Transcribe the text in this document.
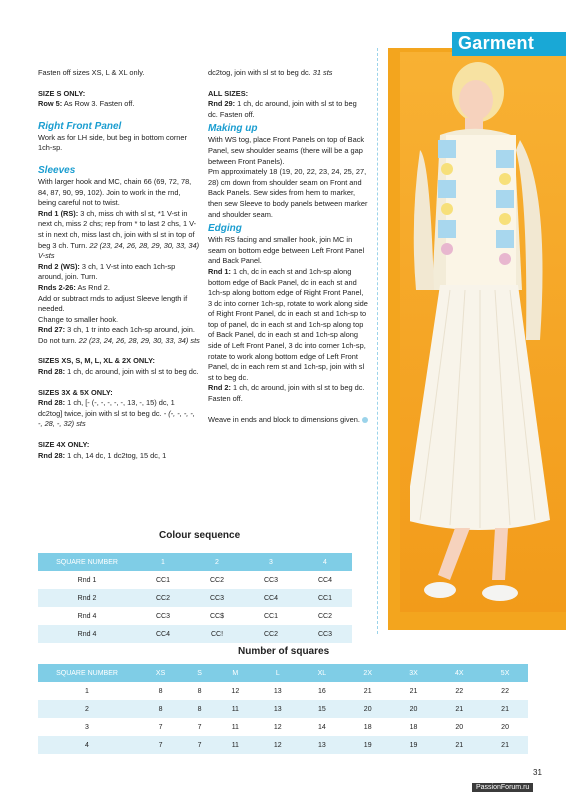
Garment

Fasten off sizes XS, L & XL only.

SIZE S ONLY:

Row 5: As Row 3. Fasten off.

Right Front Panel

Work as for LH side, but beg in bottom corner 1ch-sp.

Sleeves
With larger hook and MC, chain 66 (69, 72, 78, 84, 87, 90, 99, 102). Join to work in the rnd, being careful not to twist.
Rnd 1 (RS): 3 ch, miss ch with sl st, *1 V-st in next ch, miss 2 chs; rep from * to last 2 chs, 1 V-st in next ch, miss last ch, join with sl st in top of beg 3 ch. Turn. 22 (23, 24, 26, 28, 29, 30, 33, 34) V-sts
Rnd 2 (WS): 3 ch, 1 V-st into each 1ch-sp around, join. Turn.
Rnds 2-26: As Rnd 2.
Add or subtract rnds to adjust Sleeve length if needed.
Change to smaller hook.

Rnd 27: 3 ch, 1 tr into each 1ch-sp around, join. Do not turn. 22 (23, 24, 26, 28, 29, 30, 33, 34) sts

SIZES XS, S, M, L, XL & 2X ONLY:

Rnd 28: 1 ch, dc around, join with sl st to beg dc.

SIZES 3X & 5X ONLY:

Rnd 28: 1 ch, [- (-, -, -, -, -, 13, -, 15) dc, 1 dc2tog] twice, join with sl st to beg dc. - (-, -, -, -, -, 28, -, 32) sts

SIZE 4X ONLY:
Rnd 28: 1 ch, 14 dc, 1 dc2tog, 15 dc, 1

dc2tog, join with sl st to beg dc. 31 sts

ALL SIZES:
Rnd 29: 1 ch, dc around, join with sl st to beg dc. Fasten off.
Making up
With WS tog, place Front Panels on top of Back Panel, sew shoulder seams (there will be a gap between Front Panels).
Pm approximately 18 (19, 20, 22, 23, 24, 25, 27, 28) cm down from shoulder seam on Front and Back Panels. Sew sides from hem to marker, then sew Sleeve to body panels between marker and shoulder seam.
Edging
With RS facing and smaller hook, join MC in seam on bottom edge between Left Front Panel and Back Panel.
Rnd 1: 1 ch, dc in each st and 1ch-sp along bottom edge of Back Panel, dc in each st and 1ch-sp along bottom edge of Right Front Panel, 3 dc into corner 1ch-sp, rotate to work along side of Right Front Panel, dc in each st and 1ch-sp to top of panel, dc in each st and 1ch-sp along top of Back Panel, dc in each st and 1ch-sp along side of Left Front Panel, 3 dc into corner 1ch-sp, rotate to work along bottom edge of Left Front Panel, dc in each rem st and 1ch-sp, join with sl st to beg dc.

Rnd 2: 1 ch, dc around, join with sl st to beg dc. Fasten off.

Weave in ends and block to dimensions given.
Colour sequence
SQUARE NUMBER	1	2	3	4
Rnd 1	CC1	CC2	CC3	CC4
Rnd 2	CC2	CC3	CC4	CC1
Rnd 4	CC3	CC$	CC1	CC2
Rnd 4	CC4	CC!	CC2	CC3
Number of squares
SQUARE NUMBER	XS	S	M	L	XL	2X	3X	4X	5X
1	8	8	12	13	16	21	21	22	22
2	8	8	11	13	15	20	20	21	21
3	7	7	11	12	14	18	18	20	20
4	7	7	11	12	13	19	19	21	21
31
PassionForum.ru
